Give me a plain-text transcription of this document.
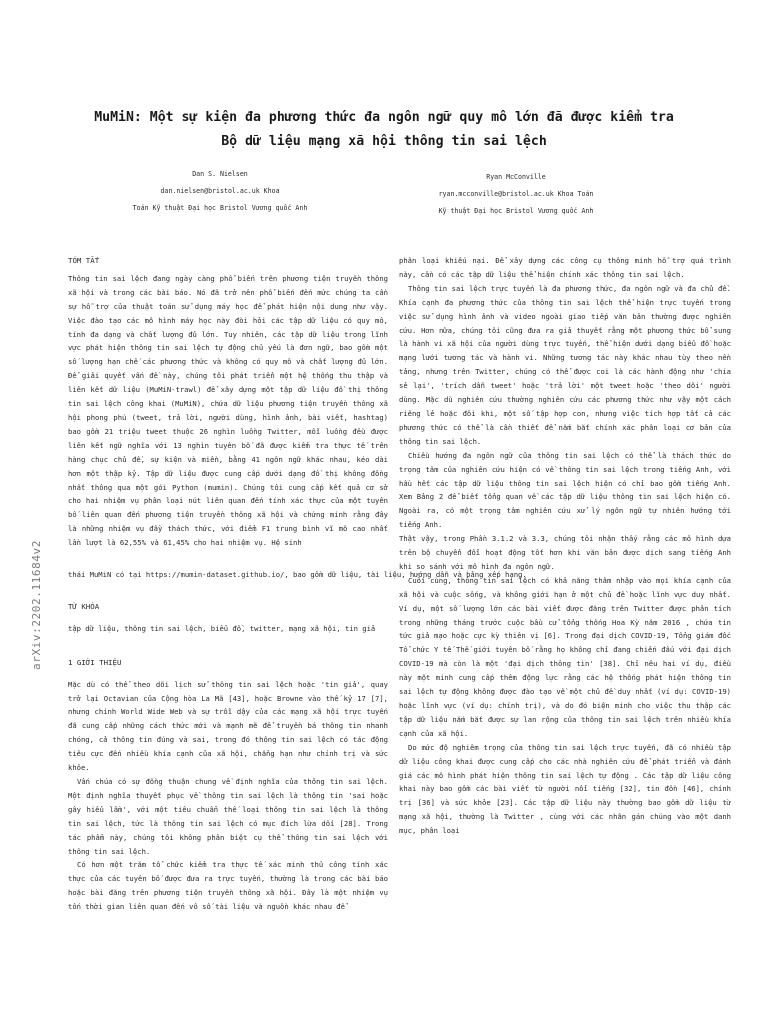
MuMiN: Một sự kiện đa phương thức đa ngôn ngữ quy mô lớn đã được kiểm tra
Bộ dữ liệu mạng xã hội thông tin sai lệch
Dan S. Nielsen
dan.nielsen@bristol.ac.uk Khoa
Toán Kỹ thuật Đại học Bristol Vương quốc Anh
Ryan McConville
ryan.mcconville@bristol.ac.uk Khoa Toán
Kỹ thuật Đại học Bristol Vương quốc Anh
arXiv:2202.11684v2
TÓM TẮT

Thông tin sai lệch đang ngày càng phổ biến trên phương tiện truyền thông xã hội và trong các bài báo. Nó đã trở nên phổ biến đến mức chúng ta cần sự hỗ trợ của thuật toán sử dụng máy học để phát hiện nội dung như vậy. Việc đào tạo các mô hình máy học này đòi hỏi các tập dữ liệu có quy mô, tính đa dạng và chất lượng đủ lớn. Tuy nhiên, các tập dữ liệu trong lĩnh vực phát hiện thông tin sai lệch tự động chủ yếu là đơn ngữ, bao gồm một số lượng hạn chế các phương thức và không có quy mô và chất lượng đủ lớn. Để giải quyết vấn đề này, chúng tôi phát triển một hệ thống thu thập và liên kết dữ liệu (MuMiN-trawl) để xây dựng một tập dữ liệu đồ thị thông tin sai lệch công khai (MuMiN), chứa dữ liệu phương tiện truyền thông xã hội phong phú (tweet, trả lời, người dùng, hình ảnh, bài viết, hashtag) bao gồm 21 triệu tweet thuộc 26 nghìn luồng Twitter, mỗi luồng đều được liên kết ngữ nghĩa với 13 nghìn tuyên bố đã được kiểm tra thực tế trên hàng chục chủ đề, sự kiện và miền, bằng 41 ngôn ngữ khác nhau, kéo dài hơn một thập kỷ. Tập dữ liệu được cung cấp dưới dạng đồ thị không đồng nhất thông qua một gói Python (mumin). Chúng tôi cung cấp kết quả cơ sở cho hai nhiệm vụ phân loại nút liên quan đến tính xác thực của một tuyên bố liên quan đến phương tiện truyền thông xã hội và chứng minh rằng đây là những nhiệm vụ đầy thách thức, với điểm F1 trung bình vĩ mô cao nhất lần lượt là 62,55% và 61,45% cho hai nhiệm vụ. Hệ sinh

TỪ KHÓA

tập dữ liệu, thông tin sai lệch, biểu đồ, twitter, mạng xã hội, tin giả

1 GIỚI THIỆU

Mặc dù có thể theo dõi lịch sử thông tin sai lệch hoặc 'tin giả', quay trở lại Octavian của Cộng hòa La Mã [43], hoặc Browne vào thế kỷ 17 [7], nhưng chính World Wide Web và sự trỗi dậy của các mạng xã hội trực tuyến đã cung cấp những cách thức mới và mạnh mẽ để truyền bá thông tin nhanh chóng, cả thông tin đúng và sai, trong đó thông tin sai lệch có tác động tiêu cực đến nhiều khía cạnh của xã hội, chẳng hạn như chính trị và sức khỏe.

Vấn chúa có sự đồng thuận chung về định nghĩa của thông tin sai lệch. Một định nghĩa thuyết phục về thông tin sai lệch là thông tin 'sai hoặc gây hiểu lầm', với một tiêu chuẩn thế loại thông tin sai lệch là thông tin sai lệch, tức là thông tin sai lệch có mục đích lừa dối [28]. Trong tác phẩm này, chúng tôi không phân biệt cụ thể thông tin sai lệch với thông tin sai lệch.

Có hơn một trăm tổ chức kiểm tra thực tế xác minh thủ công tính xác thực của các tuyên bố được đưa ra trực tuyến, thường là trong các bài báo hoặc bài đăng trên phương tiện truyền thông xã hội. Đây là một nhiệm vụ tốn thời gian liên quan đến vô số tài liệu và nguồn khác nhau để

thái MuMiN có tại https://mumin-dataset.github.io/, bao gồm dữ liệu, tài liệu, hướng dẫn và bảng xếp hạng.

phân loại khiếu nại. Để xây dựng các công cụ thông minh hỗ trợ quá trình này, cần có các tập dữ liệu thể hiện chính xác thông tin sai lệch.

Thông tin sai lệch trực tuyến là đa phương thức, đa ngôn ngữ và đa chủ đề. Khía cạnh đa phương thức của thông tin sai lệch thể hiện trực tuyến trong việc sử dụng hình ảnh và video ngoài giao tiếp văn bản thường được nghiên cứu. Hơn nữa, chúng tôi cũng đưa ra giả thuyết rằng một phương thức bổ sung là hành vi xã hội của người dùng trực tuyến, thể hiện dưới dạng biểu đồ hoặc mạng lưới tương tác và hành vi. Những tương tác này khác nhau tùy theo nền tảng, nhưng trên Twitter, chúng có thể được coi là các hành động như 'chia sẻ lại', 'trích dẫn tweet' hoặc 'trả lời' một tweet hoặc 'theo dõi' người dùng. Mặc dù nghiên cứu thường nghiên cứu các phương thức như vậy một cách riêng lẻ hoặc đôi khi, một số tập hợp con, nhưng việc tích hợp tất cả các phương thức có thể là cần thiết để nắm bắt chính xác phân loại cơ bản của thông tin sai lệch.

Chiều hướng đa ngôn ngữ của thông tin sai lệch có thể là thách thức do trọng tâm của nghiên cứu hiện có về thông tin sai lệch trong tiếng Anh, với hầu hết các tập dữ liệu thông tin sai lệch hiện có chỉ bao gồm tiếng Anh. Xem Bảng 2 để biết tổng quan về các tập dữ liệu thông tin sai lệch hiện có. Ngoài ra, có một trọng tâm nghiên cứu xử lý ngôn ngữ tự nhiên hướng tới tiếng Anh.

Thật vậy, trong Phần 3.1.2 và 3.3, chúng tôi nhận thấy rằng các mô hình dựa trên bộ chuyển đổi hoạt động tốt hơn khi văn bản được dịch sang tiếng Anh khi so sánh với mô hình đa ngôn ngữ.

Cuối cùng, thông tin sai lệch có khả năng thâm nhập vào mọi khía cạnh của xã hội và cuộc sống, và không giới hạn ở một chủ đề hoặc lĩnh vực duy nhất. Ví dụ, một số lượng lớn các bài viết được đăng trên Twitter được phân tích trong những tháng trước cuộc bầu cử tổng thống Hoa Kỳ năm 2016 , chứa tin tức giả mạo hoặc cực kỳ thiên vị [6]. Trong đại dịch COVID-19, Tổng giám đốc Tổ chức Y tế Thế giới tuyên bố rằng họ không chỉ đang chiến đấu với đại dịch COVID-19 mà còn là một 'đại dịch thông tin' [38]. Chỉ nêu hai ví dụ, điều này một minh cung cấp thêm động lực rằng các hệ thống phát hiện thông tin sai lệch tự động không được đào tạo về một chủ đề duy nhất (ví dụ: COVID-19) hoặc lĩnh vực (ví dụ: chính trị), và do đó biện minh cho việc thu thập các tập dữ liệu nắm bắt được sự lan rộng của thông tin sai lệch trên nhiều khía cạnh của xã hội.

Do mức độ nghiêm trọng của thông tin sai lệch trực tuyến, đã có nhiều tập dữ liệu công khai được cung cấp cho các nhà nghiên cứu để phát triển và đánh giá các mô hình phát hiện thông tin sai lệch tự động . Các tập dữ liệu công khai này bao gồm các bài viết từ người nổi tiếng [32], tin đồn [46], chính trị [36] và sức khỏe [23]. Các tập dữ liệu này thường bao gồm dữ liệu từ mạng xã hội, thường là Twitter , cùng với các nhãn gán chúng vào một danh mục, phân loại
